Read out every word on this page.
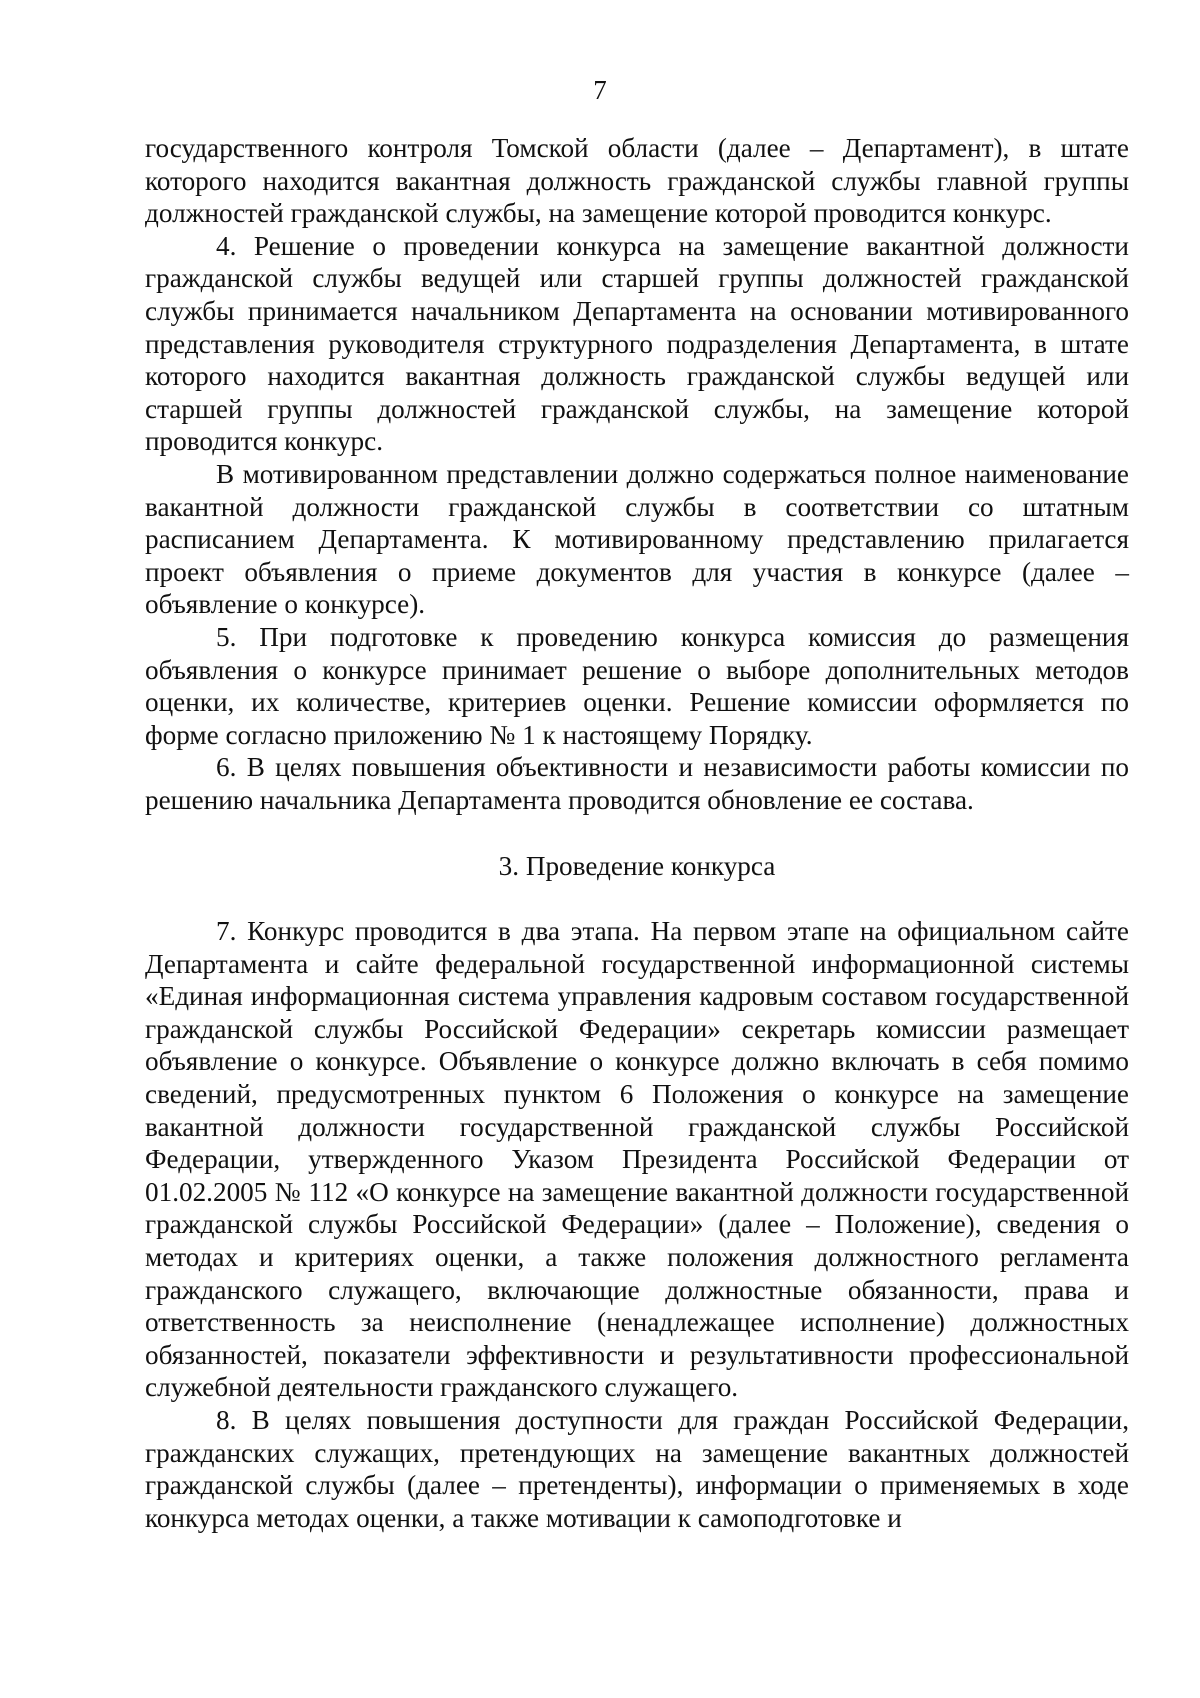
7

государственного контроля Томской области (далее – Департамент), в штате которого находится вакантная должность гражданской службы главной группы должностей гражданской службы, на замещение которой проводится конкурс.

4. Решение о проведении конкурса на замещение вакантной должности гражданской службы ведущей или старшей группы должностей гражданской службы принимается начальником Департамента на основании мотивированного представления руководителя структурного подразделения Департамента, в штате которого находится вакантная должность гражданской службы ведущей или старшей группы должностей гражданской службы, на замещение которой проводится конкурс.

В мотивированном представлении должно содержаться полное наименование вакантной должности гражданской службы в соответствии со штатным расписанием Департамента. К мотивированному представлению прилагается проект объявления о приеме документов для участия в конкурсе (далее – объявление о конкурсе).

5. При подготовке к проведению конкурса комиссия до размещения объявления о конкурсе принимает решение о выборе дополнительных методов оценки, их количестве, критериев оценки. Решение комиссии оформляется по форме согласно приложению № 1 к настоящему Порядку.

6. В целях повышения объективности и независимости работы комиссии по решению начальника Департамента проводится обновление ее состава.

3. Проведение конкурса

7. Конкурс проводится в два этапа. На первом этапе на официальном сайте Департамента и сайте федеральной государственной информационной системы «Единая информационная система управления кадровым составом государственной гражданской службы Российской Федерации» секретарь комиссии размещает объявление о конкурсе. Объявление о конкурсе должно включать в себя помимо сведений, предусмотренных пунктом 6 Положения о конкурсе на замещение вакантной должности государственной гражданской службы Российской Федерации, утвержденного Указом Президента Российской Федерации от 01.02.2005 № 112 «О конкурсе на замещение вакантной должности государственной гражданской службы Российской Федерации» (далее – Положение), сведения о методах и критериях оценки, а также положения должностного регламента гражданского служащего, включающие должностные обязанности, права и ответственность за неисполнение (ненадлежащее исполнение) должностных обязанностей, показатели эффективности и результативности профессиональной служебной деятельности гражданского служащего.

8. В целях повышения доступности для граждан Российской Федерации, гражданских служащих, претендующих на замещение вакантных должностей гражданской службы (далее – претенденты), информации о применяемых в ходе конкурса методах оценки, а также мотивации к самоподготовке и
